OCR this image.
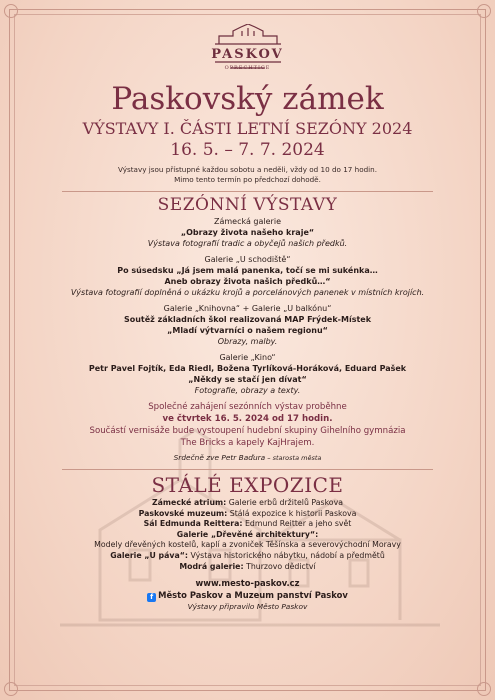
PASKOV
OPRECHTICE
Paskovský zámek
VÝSTAVY I. ČÁSTI LETNÍ SEZÓNY 2024
16. 5. – 7. 7. 2024
Výstavy jsou přístupné každou sobotu a neděli, vždy od 10 do 17 hodin.
Mimo tento termín po předchozí dohodě.
SEZÓNNÍ VÝSTAVY
Zámecká galerie
„Obrazy života našeho kraje“
Výstava fotografií tradic a obyčejů našich předků.
Galerie „U schodiště“
Po súsedsku „Já jsem malá panenka, točí se mi sukénka…
Aneb obrazy života našich předků…“
Výstava fotografií doplněná o ukázku krojů a porcelánových panenek v místních krojích.
Galerie „Knihovna“ + Galerie „U balkónu“
Soutěž základních škol realizovaná MAP Frýdek-Místek
„Mladí výtvarníci o našem regionu“
Obrazy, malby.
Galerie „Kino“
Petr Pavel Fojtík, Eda Riedl, Božena Tyrlíková-Horáková, Eduard Pašek
„Někdy se stačí jen dívat“
Fotografie, obrazy a texty.
Společné zahájení sezónních výstav proběhne
ve čtvrtek 16. 5. 2024 od 17 hodin.
Součástí vernisáže bude vystoupení hudební skupiny Gihelního gymnázia
The Bricks a kapely KajHrajem.
Srdečně zve Petr Baďura – starosta města
STÁLÉ EXPOZICE
Zámecké atrium: Galerie erbů držitelů Paskova
Paskovské muzeum: Stálá expozice k historii Paskova
Sál Edmunda Reittera: Edmund Reitter a jeho svět
Galerie „Dřevěné architektury“:
Modely dřevěných kostelů, kaplí a zvoniček Těšínska a severovýchodní Moravy
Galerie „U páva“: Výstava historického nábytku, nádobí a předmětů
Modrá galerie: Thurzovo dědictví
www.mesto-paskov.cz
f Město Paskov a Muzeum panství Paskov
Výstavy připravilo Město Paskov
